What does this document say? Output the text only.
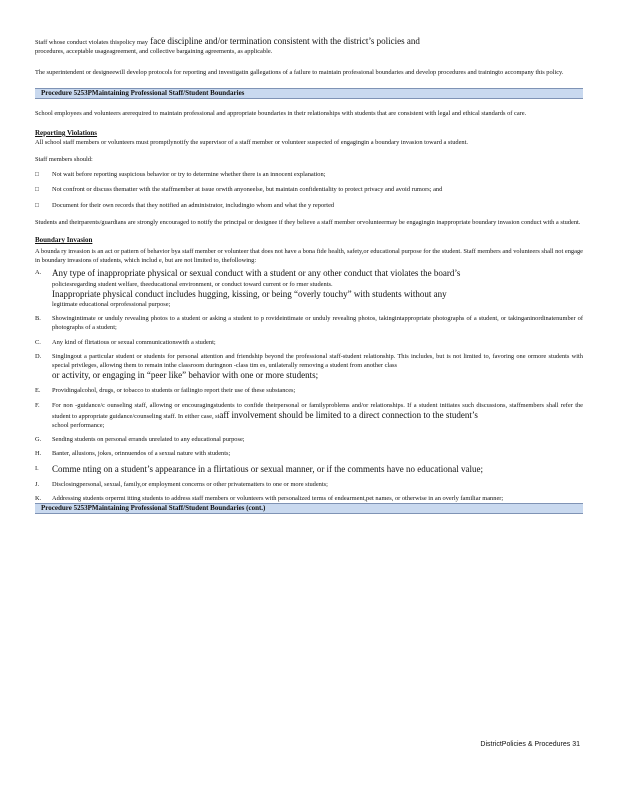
Staff whose conduct violates thispolicy may face discipline and/or termination consistent with the district’s policies and
procedures, acceptable usageagreement, and collective bargaining agreements, as applicable.

The superintendent or designeewill develop protocols for reporting and investigatin gallegations of a failure to maintain professional boundaries and develop procedures and trainingto accompany this policy.

Procedure 5253PMaintaining Professional Staff/Student Boundaries

School employees and volunteers arerequired to maintain professional and appropriate boundaries in their relationships with students that are consistent with legal and ethical standards of care.

Reporting Violations

All school staff members or volunteers must promptlynotify the supervisor of a staff member or volunteer suspected of engagingin a boundary invasion toward a student.

Staff members should:

□	Not wait before reporting suspicious behavior or try to determine whether there is an innocent explanation;
□	Not confront or discuss thematter with the staffmember at issue orwith anyoneelse, but maintain confidentiality to protect privacy and avoid rumors; and
□	Document for their own records that they notified an administrator, includingto whom and what the y reported

Students and theirparents/guardians are strongly encouraged to notify the principal or designee if they believe a staff member orvolunteermay be engagingin inappropriate boundary invasion conduct with a student.

Boundary Invasion

A bounda ry invasion is an act or pattern of behavior bya staff member or volunteer that does not have a bona fide health, safety,or educational purpose for the student. Staff members and volunteers shall not engage in boundary invasions of students, which includ e, but are not limited to, thefollowing:

A.	Any type of inappropriate physical or sexual conduct with a student or any other conduct that violates the board’s
policiesregarding student welfare, theeducational environment, or conduct toward current or fo rmer students.
Inappropriate physical conduct includes hugging, kissing, or being “overly touchy” with students without any
legitimate educational orprofessional purpose;
B.	Showingintimate or unduly revealing photos to a student or asking a student to p rovideintimate or unduly revealing photos, takingintappropriate photographs of a student, or takinganinordinatenumber of photographs of a student;
C.	Any kind of flirtatious or sexual communicationswith a student;
D.	Singlingout a particular student or students for personal attention and friendship beyond the professional staff-student relationship. This includes, but is not limited to, favoring one ormore students with special privileges, allowing them to remain inthe classroom duringnon -class tim es, unilaterally removing a student from another class
or activity, or engaging in “peer like” behavior with one or more students;
E.	Providingalcohol, drugs, or tobacco to students or failingto report their use of these substances;
F.	For non -guidance/c ounseling staff, allowing or encouragingstudents to confide theirpersonal or familyproblems and/or relationships. If a student initiates such discussions, staffmembers shall refer the student to appropriate guidance/counseling staff. In either case, staff involvement should be limited to a direct connection to the student’s
school performance;
G.	Sending students on personal errands unrelated to any educational purpose;
H.	Banter, allusions, jokes, orinnuendos of a sexual nature with students;
I.	Comme nting on a student’s appearance in a flirtatious or sexual manner, or if the comments have no educational value;
J.	Disclosingpersonal, sexual, family,or employment concerns or other privatematters to one or more students;
K.	Addressing students orpermi itting students to address staff members or volunteers with personalized terms of endearment,pet names, or otherwise in an overly familiar manner;
Procedure 5253PMaintaining Professional Staff/Student Boundaries (cont.)
DistrictPolicies & Procedures 31
